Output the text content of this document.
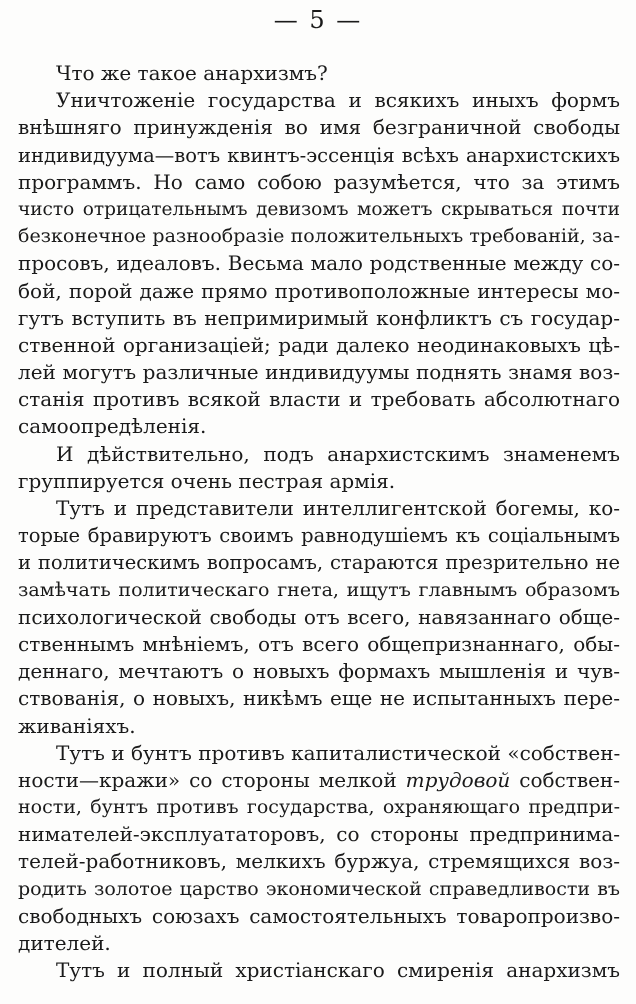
— 5 —
Что же такое анархизмъ?
Уничтоженіе государства и всякихъ иныхъ формъ
внѣшняго принужденія во имя безграничной свободы
индивидуума—вотъ квинтъ-эссенція всѣхъ анархистскихъ
программъ. Но само собою разумѣется, что за этимъ
чисто отрицательнымъ девизомъ можетъ скрываться почти
безконечное разнообразіе положительныхъ требованій, за-
просовъ, идеаловъ. Весьма мало родственные между со-
бой, порой даже прямо противоположные интересы мо-
гутъ вступить въ непримиримый конфликтъ съ государ-
ственной организаціей; ради далеко неодинаковыхъ цѣ-
лей могутъ различные индивидуумы поднять знамя воз-
станія противъ всякой власти и требовать абсолютнаго
самоопредѣленія.
И дѣйствительно, подъ анархистскимъ знаменемъ
группируется очень пестрая армія.
Тутъ и представители интеллигентской богемы, ко-
торые бравируютъ своимъ равнодушіемъ къ соціальнымъ
и политическимъ вопросамъ, стараются презрительно не
замѣчать политическаго гнета, ищутъ главнымъ образомъ
психологической свободы отъ всего, навязаннаго обще-
ственнымъ мнѣніемъ, отъ всего общепризнаннаго, обы-
деннаго, мечтаютъ о новыхъ формахъ мышленія и чув-
ствованія, о новыхъ, никѣмъ еще не испытанныхъ пере-
живаніяхъ.
Тутъ и бунтъ противъ капиталистической «собствен-
ности—кражи» со стороны мелкой трудовой собствен-
ности, бунтъ противъ государства, охраняющаго предпри-
нимателей-эксплуататоровъ, со стороны предпринима-
телей-работниковъ, мелкихъ буржуа, стремящихся воз-
родить золотое царство экономической справедливости въ
свободныхъ союзахъ самостоятельныхъ товаропроизво-
дителей.
Тутъ и полный христіанскаго смиренія анархизмъ
